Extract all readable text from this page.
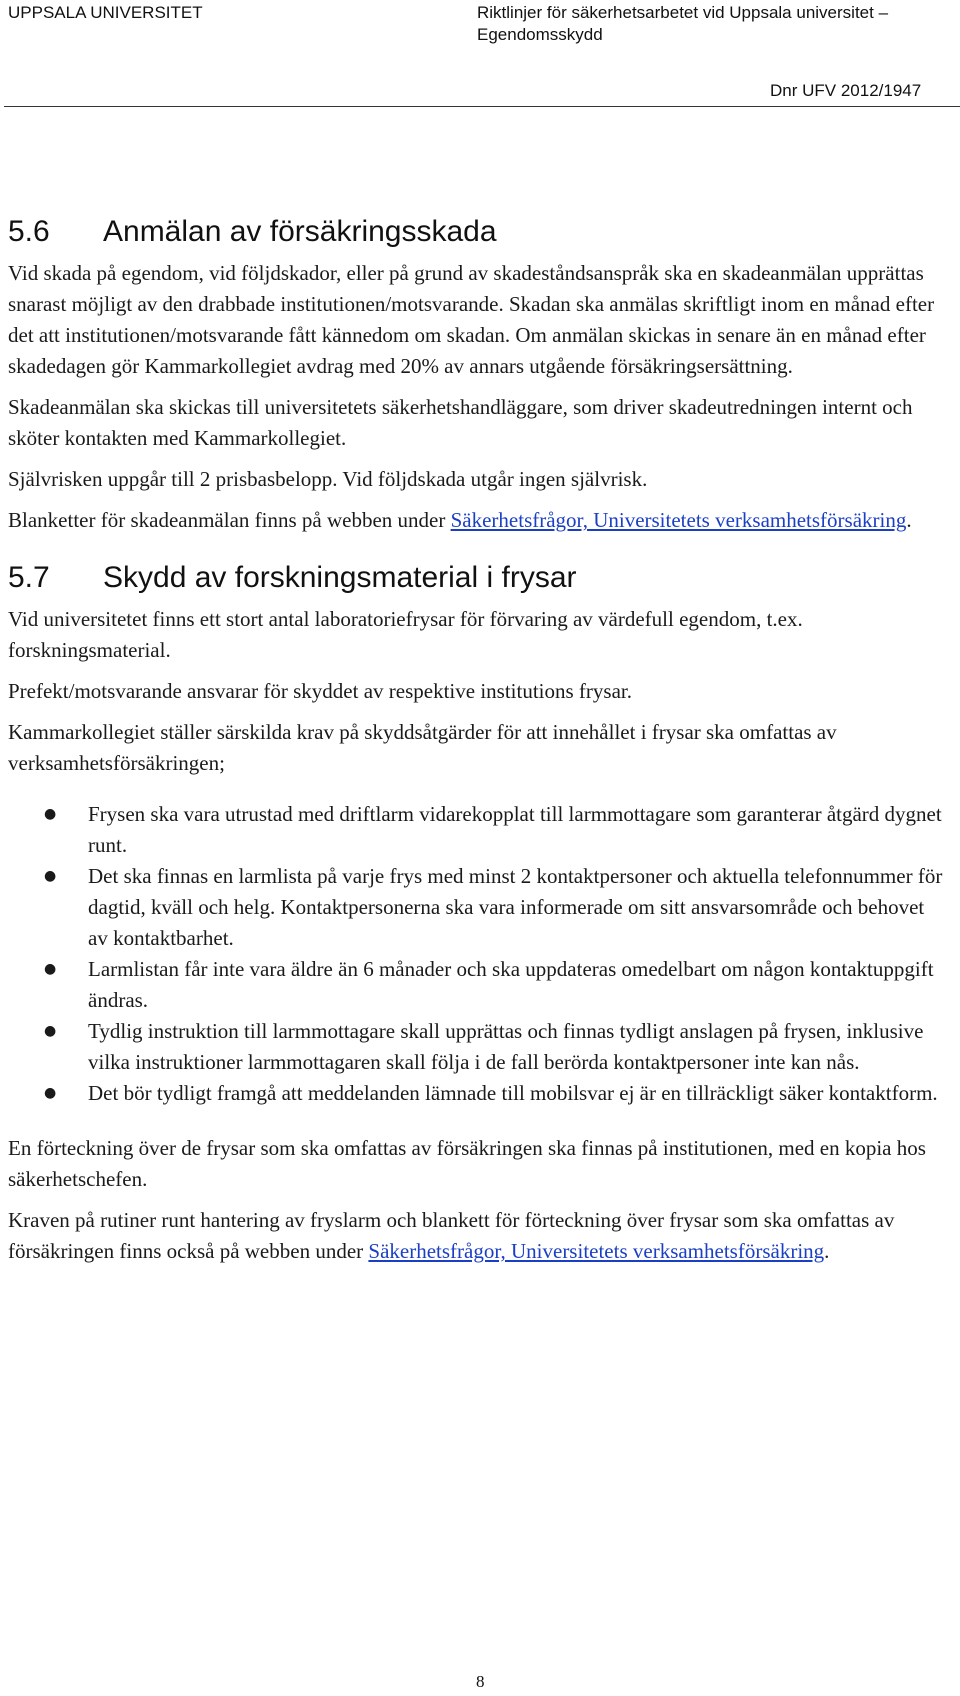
UPPSALA UNIVERSITET	Riktlinjer för säkerhetsarbetet vid Uppsala universitet –
Egendomsskydd
Dnr UFV 2012/1947
5.6 Anmälan av försäkringsskada

Vid skada på egendom, vid följdskador, eller på grund av skadeståndsanspråk ska en skadeanmälan upprättas snarast möjligt av den drabbade institutionen/motsvarande. Skadan ska anmälas skriftligt inom en månad efter det att institutionen/motsvarande fått kännedom om skadan. Om anmälan skickas in senare än en månad efter skadedagen gör Kammarkollegiet avdrag med 20% av annars utgående försäkringsersättning.

Skadeanmälan ska skickas till universitetets säkerhetshandläggare, som driver skadeutredningen internt och sköter kontakten med Kammarkollegiet.

Självrisken uppgår till 2 prisbasbelopp. Vid följdskada utgår ingen självrisk.

Blanketter för skadeanmälan finns på webben under Säkerhetsfrågor, Universitetets verksamhetsförsäkring.

5.7 Skydd av forskningsmaterial i frysar

Vid universitetet finns ett stort antal laboratoriefrysar för förvaring av värdefull egendom, t.ex. forskningsmaterial.

Prefekt/motsvarande ansvarar för skyddet av respektive institutions frysar.

Kammarkollegiet ställer särskilda krav på skyddsåtgärder för att innehållet i frysar ska omfattas av verksamhetsförsäkringen;

● Frysen ska vara utrustad med driftlarm vidarekopplat till larmmottagare som garanterar åtgärd dygnet runt.
● Det ska finnas en larmlista på varje frys med minst 2 kontaktpersoner och aktuella telefonnummer för dagtid, kväll och helg. Kontaktpersonerna ska vara informerade om sitt ansvarsområde och behovet av kontaktbarhet.
● Larmlistan får inte vara äldre än 6 månader och ska uppdateras omedelbart om någon kontaktuppgift ändras.
● Tydlig instruktion till larmmottagare skall upprättas och finnas tydligt anslagen på frysen, inklusive vilka instruktioner larmmottagaren skall följa i de fall berörda kontaktpersoner inte kan nås.
● Det bör tydligt framgå att meddelanden lämnade till mobilsvar ej är en tillräckligt säker kontaktform.

En förteckning över de frysar som ska omfattas av försäkringen ska finnas på institutionen, med en kopia hos säkerhetschefen.

Kraven på rutiner runt hantering av fryslarm och blankett för förteckning över frysar som ska omfattas av försäkringen finns också på webben under Säkerhetsfrågor, Universitetets verksamhetsförsäkring.

8
